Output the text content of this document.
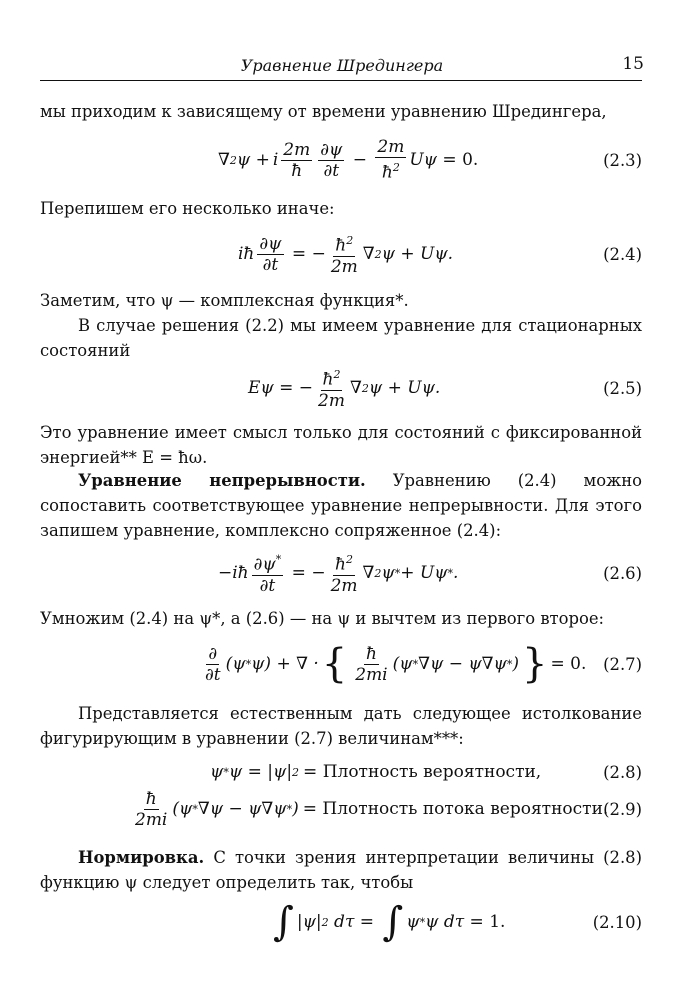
Уравнение Шредингера	15
мы приходим к зависящему от времени уравнению Шредингера,
∇ 2 ψ + i $\frac{2m}{ħ} \frac{\partial\psi}{\partial t} - \frac{2m}{ħ^2}$ Uψ = 0.	(2.3)
Перепишем его несколько иначе:
iħ $\frac{\partial\psi}{\partial t}$ = − $\frac{ħ^2}{2m}$ ∇ 2 ψ + Uψ.	(2.4)
Заметим, что ψ — комплексная функция*.
В случае решения (2.2) мы имеем уравнение для стационарных состояний
Eψ = − $\frac{ħ^2}{2m}$ ∇ 2 ψ + Uψ.	(2.5)
Это уравнение имеет смысл только для состояний с фиксированной энергией** E = ħω.
Уравнение непрерывности. Уравнению (2.4) можно сопоставить соответствующее уравнение непрерывности. Для этого запишем уравнение, комплексно сопряженное (2.4):
−iħ $\frac{\partial\psi^*}{\partial t}$ = − $\frac{ħ^2}{2m}$ ∇ 2 ψ * + Uψ * .	(2.6)
Умножим (2.4) на ψ*, а (2.6) — на ψ и вычтем из первого второе:
$\frac{\partial}{\partial t} (\psi * \psi)$ + ∇ · { $\frac{ħ}{2mi} (\psi * \nabla\psi - \psi\nabla\psi$ * ) } = 0. (2.7)
Представляется естественным дать следующее истолкование фигурирующим в уравнении (2.7) величинам***:
ψ * ψ = | ψ | 2 = Плотность вероятности,	(2.8)
$\frac{ħ}{2mi} (\psi * \nabla\psi - \psi\nabla\psi$ * ) = Плотность потока вероятности.
(2.9)
Нормировка. С точки зрения интерпретации величины (2.8) функцию ψ следует определить так, чтобы
∫ | ψ | 2 dτ = ∫ ψ * ψ dτ = 1.	(2.10)
